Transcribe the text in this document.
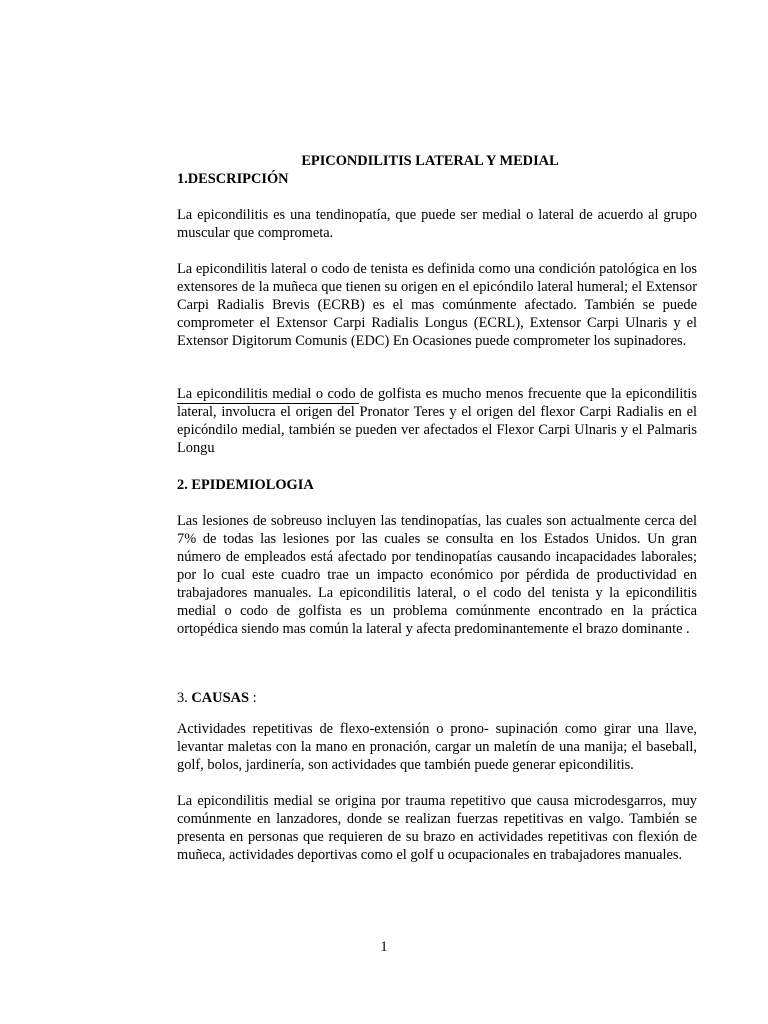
EPICONDILITIS LATERAL Y MEDIAL
1.DESCRIPCIÓN

La epicondilitis es una tendinopatía, que puede ser medial o lateral de acuerdo al grupo muscular que comprometa.

La epicondilitis lateral o codo de tenista es definida como una condición patológica en los extensores de la muñeca que tienen su origen en el epicóndilo lateral humeral; el Extensor Carpi Radialis Brevis (ECRB) es el mas comúnmente afectado. También se puede comprometer el Extensor Carpi Radialis Longus (ECRL), Extensor Carpi Ulnaris y el Extensor Digitorum Comunis (EDC) En Ocasiones puede comprometer los supinadores.

La epicondilitis medial o codo de golfista es mucho menos frecuente que la epicondilitis lateral, involucra el origen del Pronator Teres y el origen del flexor Carpi Radialis en el epicóndilo medial, también se pueden ver afectados el Flexor Carpi Ulnaris y el Palmaris Longu

2. EPIDEMIOLOGIA

Las lesiones de sobreuso incluyen las tendinopatías, las cuales son actualmente cerca del 7% de todas las lesiones por las cuales se consulta en los Estados Unidos. Un gran número de empleados está afectado por tendinopatías causando incapacidades laborales; por lo cual este cuadro trae un impacto económico por pérdida de productividad en trabajadores manuales. La epicondilitis lateral, o el codo del tenista y la epicondilitis medial o codo de golfista es un problema comúnmente encontrado en la práctica ortopédica siendo mas común la lateral y afecta predominantemente el brazo dominante .

3. CAUSAS :

Actividades repetitivas de flexo-extensión o prono- supinación como girar una llave, levantar maletas con la mano en pronación, cargar un maletín de una manija; el baseball, golf, bolos, jardinería, son actividades que también puede generar epicondilitis.

La epicondilitis medial se origina por trauma repetitivo que causa microdesgarros, muy comúnmente en lanzadores, donde se realizan fuerzas repetitivas en valgo. También se presenta en personas que requieren de su brazo en actividades repetitivas con flexión de muñeca, actividades deportivas como el golf u ocupacionales en trabajadores manuales.

1
